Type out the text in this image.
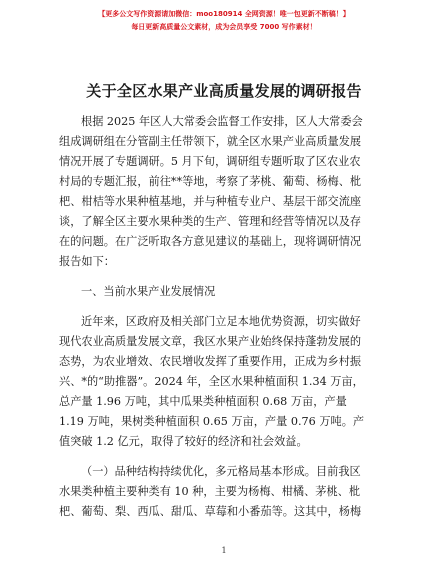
【更多公文写作资源请加微信：moo180914 全网资源！唯一包更新不断稿！】
每日更新高质量公文素材，成为会员享受 7000 写作素材！
关于全区水果产业高质量发展的调研报告
根据 2025 年区人大常委会监督工作安排，区人大常委会
组成调研组在分管副主任带领下，就全区水果产业高质量发展
情况开展了专题调研。5 月下旬，调研组专题听取了区农业农
村局的专题汇报，前往**等地，考察了茅桃、葡萄、杨梅、枇
杷、柑桔等水果种植基地，并与种植专业户、基层干部交流座
谈，了解全区主要水果种类的生产、管理和经营等情况以及存
在的问题。在广泛听取各方意见建议的基础上，现将调研情况
报告如下：
一、当前水果产业发展情况
近年来，区政府及相关部门立足本地优势资源，切实做好
现代农业高质量发展文章，我区水果产业始终保持蓬勃发展的
态势，为农业增效、农民增收发挥了重要作用，正成为乡村振
兴、*的“助推器”。2024 年，全区水果种植面积 1.34 万亩，
总产量 1.96 万吨，其中瓜果类种植面积 0.68 万亩，产量
1.19 万吨，果树类种植面积 0.65 万亩，产量 0.76 万吨。产
值突破 1.2 亿元，取得了较好的经济和社会效益。
（一）品种结构持续优化，多元格局基本形成。目前我区
水果类种植主要种类有 10 种，主要为杨梅、柑橘、茅桃、枇
杷、葡萄、梨、西瓜、甜瓜、草莓和小番茄等。这其中，杨梅
1
